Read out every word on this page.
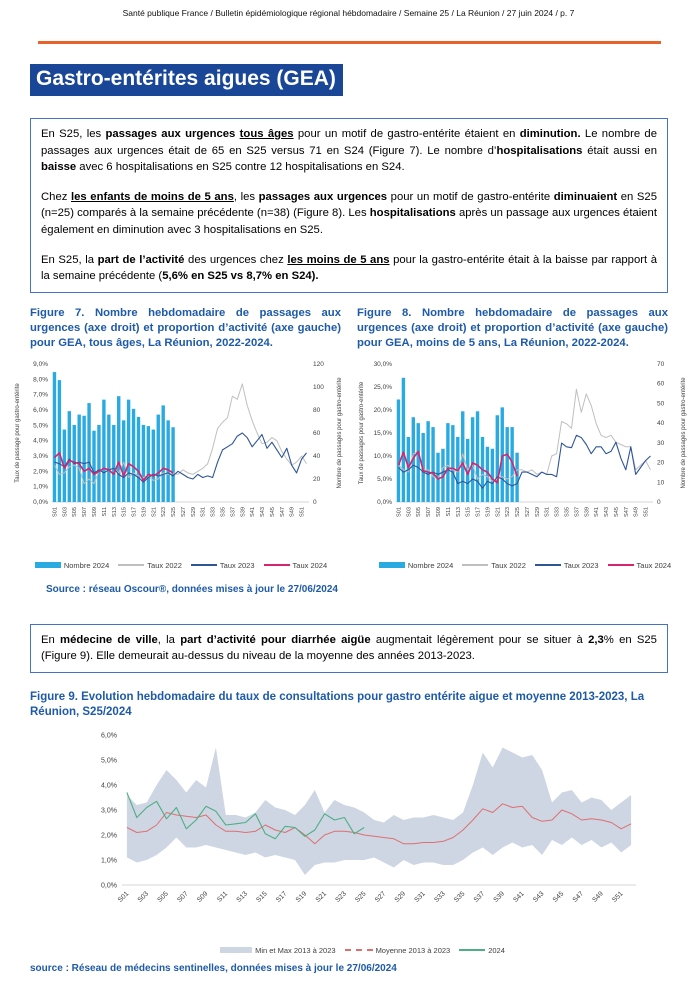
Santé publique France / Bulletin épidémiologique régional hébdomadaire / Semaine 25 / La Réunion / 27 juin 2024 / p. 7
Gastro-entérites aigues (GEA)

En S25, les passages aux urgences tous âges pour un motif de gastro-entérite étaient en diminution. Le nombre de passages aux urgences était de 65 en S25 versus 71 en S24 (Figure 7). Le nombre d’hospitalisations était aussi en baisse avec 6 hospitalisations en S25 contre 12 hospitalisations en S24.

Chez les enfants de moins de 5 ans, les passages aux urgences pour un motif de gastro-entérite diminuaient en S25 (n=25) comparés à la semaine précédente (n=38) (Figure 8). Les hospitalisations après un passage aux urgences étaient également en diminution avec 3 hospitalisations en S25.

En S25, la part de l’activité des urgences chez les moins de 5 ans pour la gastro-entérite était à la baisse par rapport à la semaine précédente (5,6% en S25 vs 8,7% en S24).

Figure 7. Nombre hebdomadaire de passages aux urgences (axe droit) et proportion d’activité (axe gauche) pour GEA, tous âges, La Réunion, 2022-2024.
Figure 8. Nombre hebdomadaire de passages aux urgences (axe droit) et proportion d’activité (axe gauche) pour GEA, moins de 5 ans, La Réunion, 2022-2024.
0,0%
1,0%
2,0%
3,0%
4,0%
5,0%
6,0%
7,0%
8,0%
9,0%
0
20
40
60
80
100
120
S01 S03 S05 S07 S09 S11 S13 S15 S17 S19 S21 S23 S25 S27 S29 S31 S33 S35 S37 S39 S41 S43 S45 S47 S49 S51
Taux de passage pour gastro-entérite	Nombre de passages pour gastro-entérite
Nombre 2024	Taux 2022	Taux 2023	Taux 2024
0,0%
5,0%
10,0%
15,0%
20,0%
25,0%
30,0%
0
10
20
30
40
50
60
70
S01 S03 S05 S07 S09 S11 S13 S15 S17 S19 S21 S23 S25 S27 S29 S31 S33 S35 S37 S39 S41 S43 S45 S47 S49 S51
Taux de passages pour gastro-entérite	Nombre de passages pour gastro-entérite
Nombre 2024	Taux 2022	Taux 2023	Taux 2024
Source : réseau Oscour®, données mises à jour le 27/06/2024

En médecine de ville, la part d’activité pour diarrhée aigüe augmentait légèrement pour se situer à 2,3% en S25 (Figure 9). Elle demeurait au-dessus du niveau de la moyenne des années 2013-2023.

Figure 9. Evolution hebdomadaire du taux de consultations pour gastro entérite aigue et moyenne 2013-2023, La Réunion, S25/2024
0,0%
1,0%
2,0%
3,0%
4,0%
5,0%
6,0%
S01 S03 S05 S07 S09 S11 S13 S15 S17 S19 S21 S23 S25 S27 S29 S31 S33 S35 S37 S39 S41 S43 S45 S47 S49 S51
Min et Max 2013 à 2023	Moyenne 2013 à 2023	2024
source : Réseau de médecins sentinelles, données mises à jour le 27/06/2024
